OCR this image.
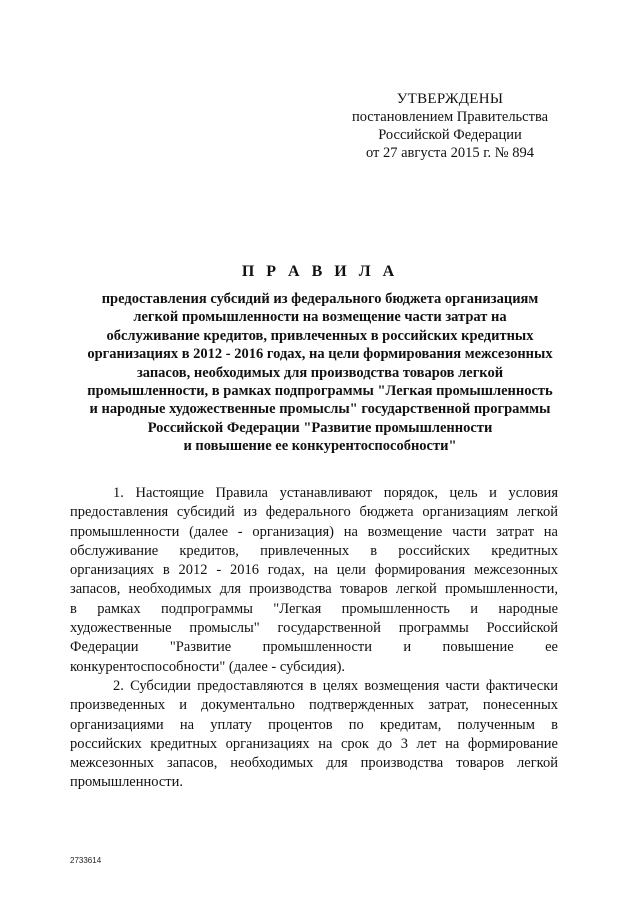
УТВЕРЖДЕНЫ
постановлением Правительства
Российской Федерации
от 27 августа 2015 г. № 894
П Р А В И Л А
предоставления субсидий из федерального бюджета организациям
легкой промышленности на возмещение части затрат на
обслуживание кредитов, привлеченных в российских кредитных
организациях в 2012 - 2016 годах, на цели формирования межсезонных
запасов, необходимых для производства товаров легкой
промышленности, в рамках подпрограммы "Легкая промышленность
и народные художественные промыслы" государственной программы
Российской Федерации "Развитие промышленности
и повышение ее конкурентоспособности"
1. Настоящие Правила устанавливают порядок, цель и условия
предоставления субсидий из федерального бюджета организациям легкой
промышленности (далее - организация) на возмещение части затрат на
обслуживание кредитов, привлеченных в российских кредитных
организациях в 2012 - 2016 годах, на цели формирования межсезонных
запасов, необходимых для производства товаров легкой промышленности,
в рамках подпрограммы "Легкая промышленность и народные
художественные промыслы" государственной программы Российской
Федерации "Развитие промышленности и повышение ее
конкурентоспособности" (далее - субсидия).
2. Субсидии предоставляются в целях возмещения части фактически
произведенных и документально подтвержденных затрат, понесенных
организациями на уплату процентов по кредитам, полученным в
российских кредитных организациях на срок до 3 лет на формирование
межсезонных запасов, необходимых для производства товаров легкой
промышленности.
2733614
